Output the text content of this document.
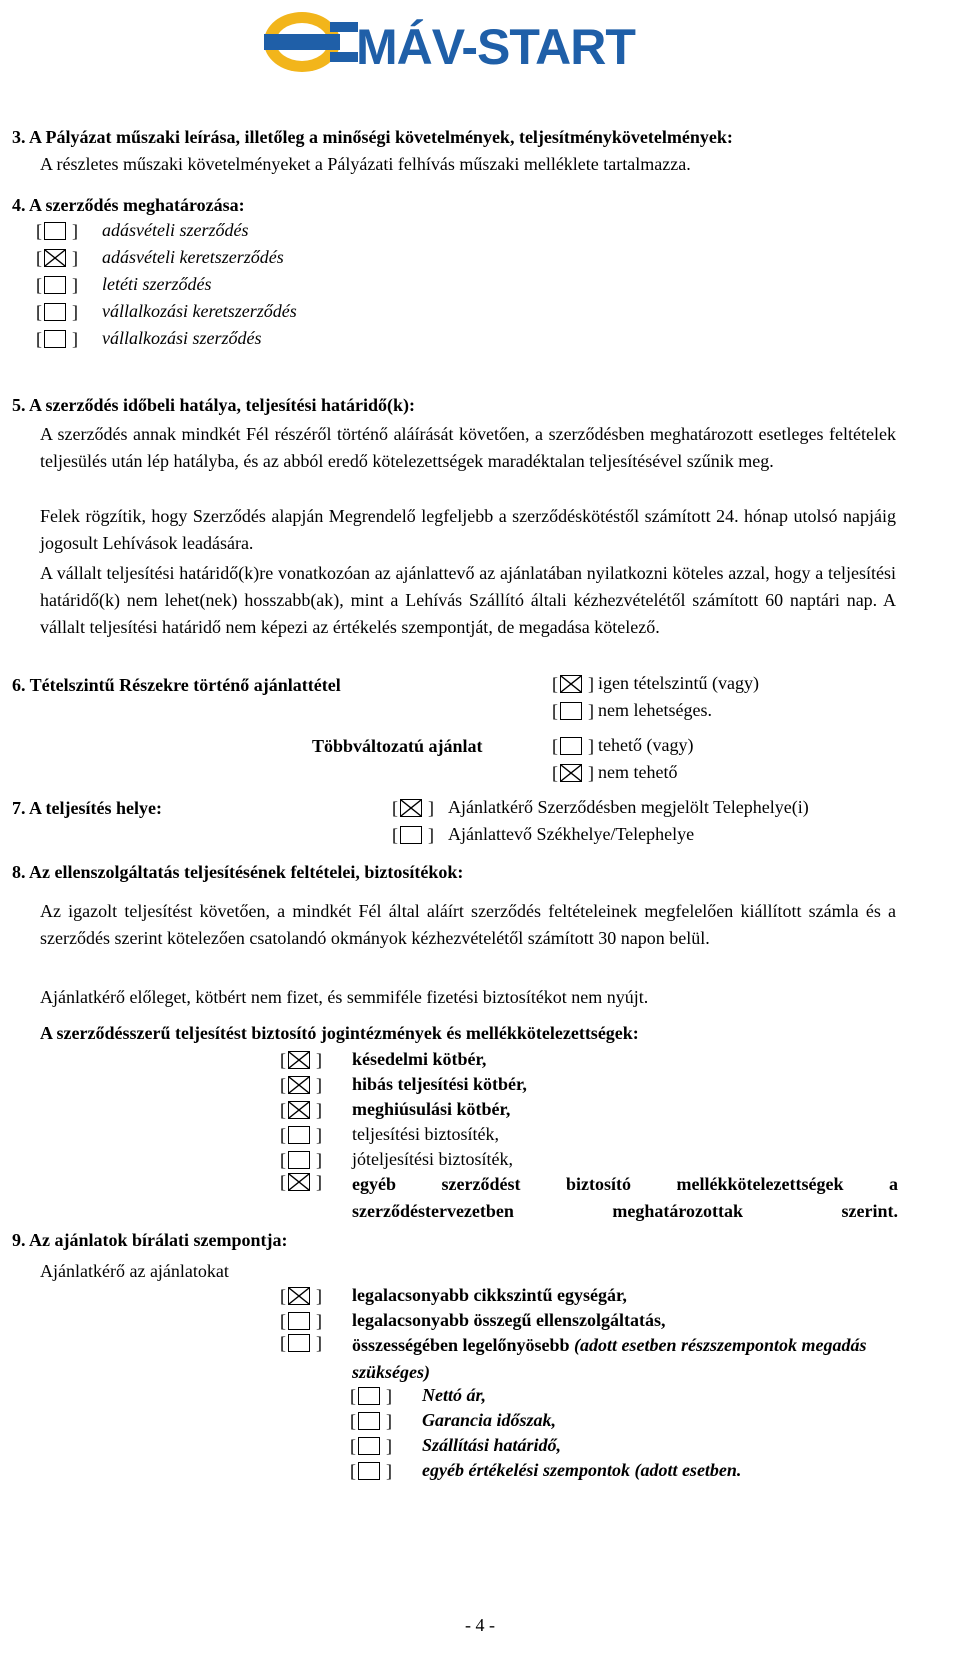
MÁV-START
3. A Pályázat műszaki leírása, illetőleg a minőségi követelmények, teljesítménykövetelmények:
A részletes műszaki követelményeket a Pályázati felhívás műszaki melléklete tartalmazza.
4. A szerződés meghatározása:
[ ] adásvételi szerződés
[ ] adásvételi keretszerződés
[ ] letéti szerződés
[ ] vállalkozási keretszerződés
[ ] vállalkozási szerződés
5. A szerződés időbeli hatálya, teljesítési határidő(k):
A szerződés annak mindkét Fél részéről történő aláírását követően, a szerződésben meghatározott esetleges feltételek teljesülés után lép hatályba, és az abból eredő kötelezettségek maradéktalan teljesítésével szűnik meg.
Felek rögzítik, hogy Szerződés alapján Megrendelő legfeljebb a szerződéskötéstől számított 24. hónap utolsó napjáig jogosult Lehívások leadására.
A vállalt teljesítési határidő(k)re vonatkozóan az ajánlattevő az ajánlatában nyilatkozni köteles azzal, hogy a teljesítési határidő(k) nem lehet(nek) hosszabb(ak), mint a Lehívás Szállító általi kézhezvételétől számított 60 naptári nap. A vállalt teljesítési határidő nem képezi az értékelés szempontját, de megadása kötelező.
6. Tételszintű Részekre történő ajánlattétel
Többváltozatú ajánlat
[ ] igen tételszintű (vagy)
[ ] nem lehetséges.
[ ] tehető (vagy)
[ ] nem tehető
7. A teljesítés helye:	[ ] Ajánlatkérő Szerződésben megjelölt Telephelye(i)
[ ] Ajánlattevő Székhelye/Telephelye
8. Az ellenszolgáltatás teljesítésének feltételei, biztosítékok:
Az igazolt teljesítést követően, a mindkét Fél által aláírt szerződés feltételeinek megfelelően kiállított számla és a szerződés szerint kötelezően csatolandó okmányok kézhezvételétől számított 30 napon belül.
Ajánlatkérő előleget, kötbért nem fizet, és semmiféle fizetési biztosítékot nem nyújt.
A szerződésszerű teljesítést biztosító jogintézmények és mellékkötelezettségek:
[ ] késedelmi kötbér,
[ ] hibás teljesítési kötbér,
[ ] meghiúsulási kötbér,
[ ] teljesítési biztosíték,
[ ] jóteljesítési biztosíték,
[ ] egyéb szerződést biztosító mellékkötelezettségek a szerződéstervezetben meghatározottak szerint.
9. Az ajánlatok bírálati szempontja:
Ajánlatkérő az ajánlatokat
[ ] legalacsonyabb cikkszintű egységár,
[ ] legalacsonyabb összegű ellenszolgáltatás,
[ ] összességében legelőnyösebb (adott esetben részszempontok megadás szükséges)
[ ] Nettó ár,
[ ] Garancia időszak,
[ ] Szállítási határidő,
[ ] egyéb értékelési szempontok (adott esetben.
- 4 -
